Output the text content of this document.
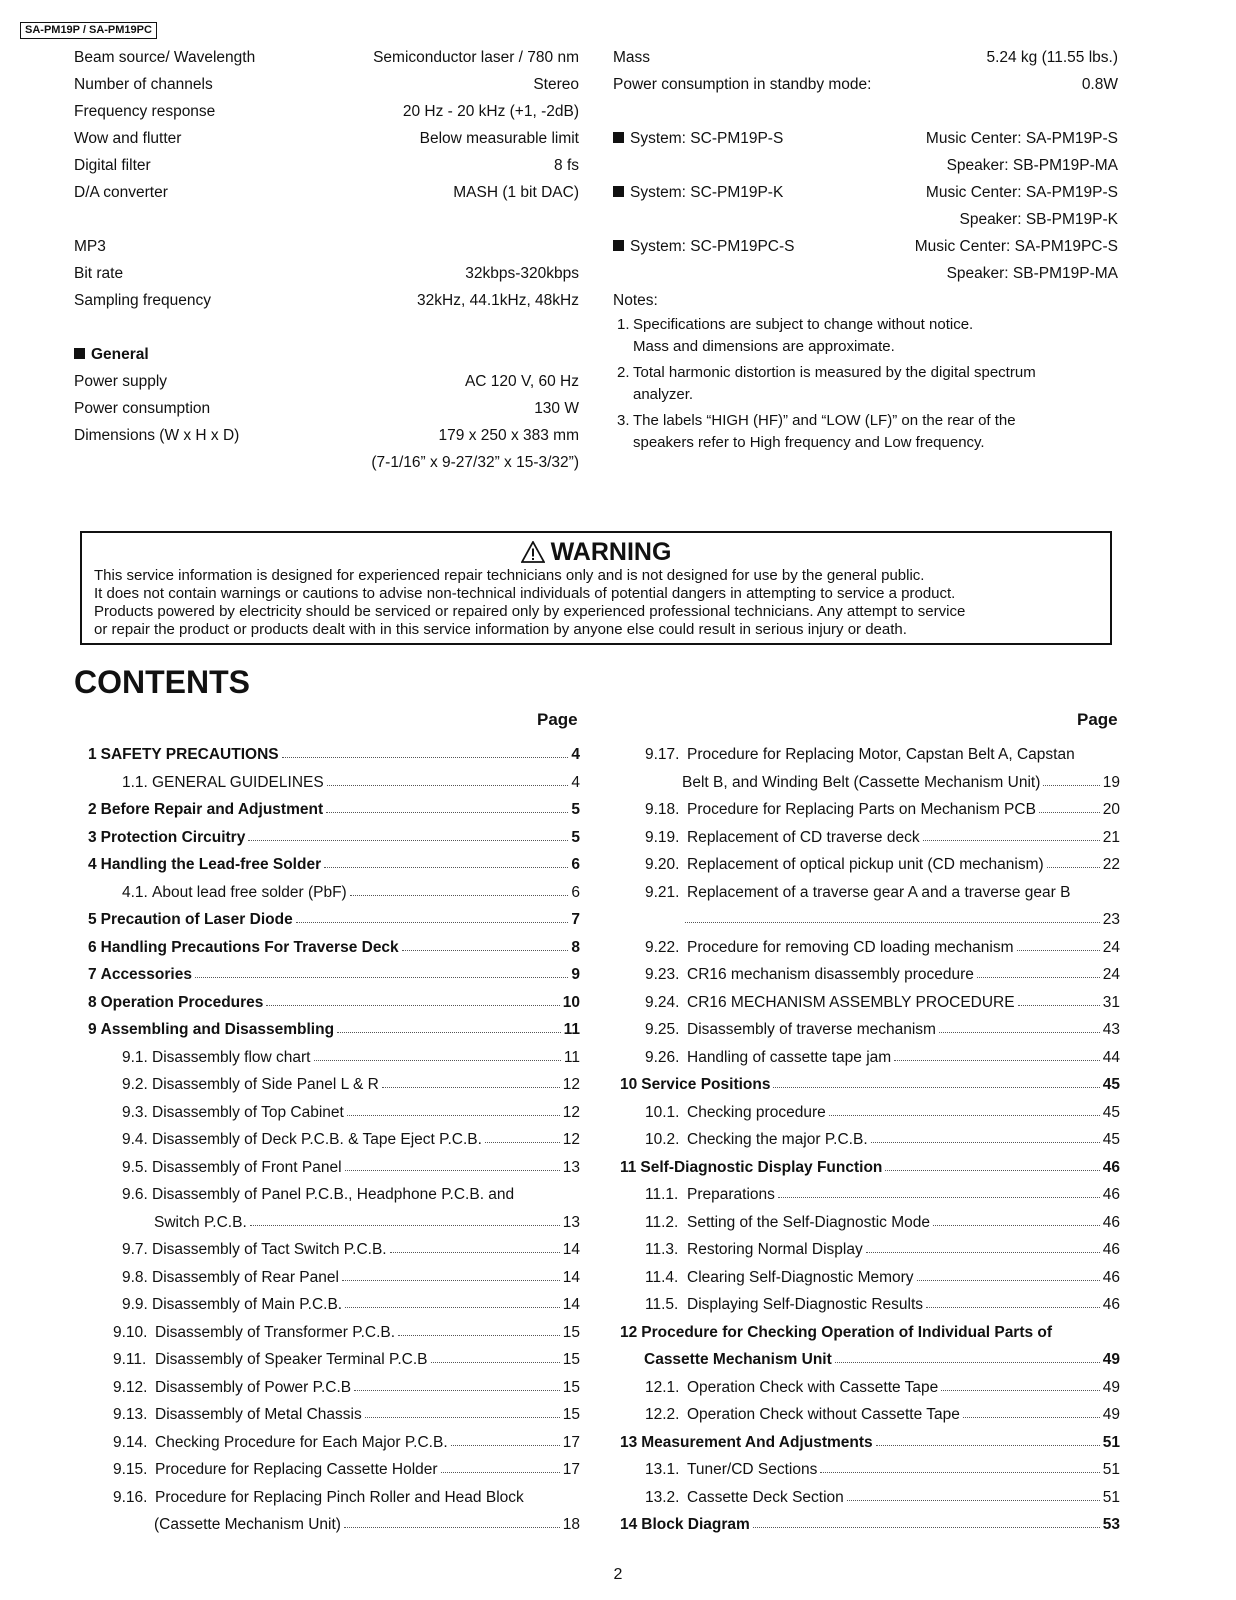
SA-PM19P / SA-PM19PC
Beam source/ Wavelength	Semiconductor laser / 780 nm
Number of channels	Stereo
Frequency response	20 Hz - 20 kHz (+1, -2dB)
Wow and flutter	Below measurable limit
Digital filter	8 fs
D/A converter	MASH (1 bit DAC)
MP3
Bit rate	32kbps-320kbps
Sampling frequency	32kHz, 44.1kHz, 48kHz
General
Power supply	AC 120 V, 60 Hz
Power consumption	130 W
Dimensions (W x H x D)	179 x 250 x 383 mm
(7-1/16” x 9-27/32” x 15-3/32”)
Mass	5.24 kg (11.55 lbs.)
Power consumption in standby mode:	0.8W
System: SC-PM19P-S	Music Center: SA-PM19P-S
Speaker: SB-PM19P-MA
System: SC-PM19P-K	Music Center: SA-PM19P-S
Speaker: SB-PM19P-K
System: SC-PM19PC-S	Music Center: SA-PM19PC-S
Speaker: SB-PM19P-MA
Notes:
1. Specifications are subject to change without notice.
Mass and dimensions are approximate.
2. Total harmonic distortion is measured by the digital spectrum
analyzer.
3. The labels “HIGH (HF)” and “LOW (LF)” on the rear of the
speakers refer to High frequency and Low frequency.
WARNING
This service information is designed for experienced repair technicians only and is not designed for use by the general public.
It does not contain warnings or cautions to advise non-technical individuals of potential dangers in attempting to service a product.
Products powered by electricity should be serviced or repaired only by experienced professional technicians. Any attempt to service
or repair the product or products dealt with in this service information by anyone else could result in serious injury or death.
CONTENTS
Page	Page
1 SAFETY PRECAUTIONS	4
1.1. GENERAL GUIDELINES	4
2 Before Repair and Adjustment	5
3 Protection Circuitry	5
4 Handling the Lead-free Solder	6
4.1. About lead free solder (PbF)	6
5 Precaution of Laser Diode	7
6 Handling Precautions For Traverse Deck	8
7 Accessories	9
8 Operation Procedures	10
9 Assembling and Disassembling	11
9.1. Disassembly flow chart	11
9.2. Disassembly of Side Panel L & R	12
9.3. Disassembly of Top Cabinet	12
9.4. Disassembly of Deck P.C.B. & Tape Eject P.C.B.	12
9.5. Disassembly of Front Panel	13
9.6. Disassembly of Panel P.C.B., Headphone P.C.B. and
Switch P.C.B.	13
9.7. Disassembly of Tact Switch P.C.B.	14
9.8. Disassembly of Rear Panel	14
9.9. Disassembly of Main P.C.B.	14
9.10. Disassembly of Transformer P.C.B.	15
9.11. Disassembly of Speaker Terminal P.C.B	15
9.12. Disassembly of Power P.C.B	15
9.13. Disassembly of Metal Chassis	15
9.14. Checking Procedure for Each Major P.C.B.	17
9.15. Procedure for Replacing Cassette Holder	17
9.16. Procedure for Replacing Pinch Roller and Head Block
(Cassette Mechanism Unit)	18
9.17. Procedure for Replacing Motor, Capstan Belt A, Capstan
Belt B, and Winding Belt (Cassette Mechanism Unit)	19
9.18. Procedure for Replacing Parts on Mechanism PCB	20
9.19. Replacement of CD traverse deck	21
9.20. Replacement of optical pickup unit (CD mechanism)	22
9.21. Replacement of a traverse gear A and a traverse gear B
23
9.22. Procedure for removing CD loading mechanism	24
9.23. CR16 mechanism disassembly procedure	24
9.24. CR16 MECHANISM ASSEMBLY PROCEDURE	31
9.25. Disassembly of traverse mechanism	43
9.26. Handling of cassette tape jam	44
10 Service Positions	45
10.1. Checking procedure	45
10.2. Checking the major P.C.B.	45
11 Self-Diagnostic Display Function	46
11.1. Preparations	46
11.2. Setting of the Self-Diagnostic Mode	46
11.3. Restoring Normal Display	46
11.4. Clearing Self-Diagnostic Memory	46
11.5. Displaying Self-Diagnostic Results	46
12 Procedure for Checking Operation of Individual Parts of
Cassette Mechanism Unit	49
12.1. Operation Check with Cassette Tape	49
12.2. Operation Check without Cassette Tape	49
13 Measurement And Adjustments	51
13.1. Tuner/CD Sections	51
13.2. Cassette Deck Section	51
14 Block Diagram	53
2
